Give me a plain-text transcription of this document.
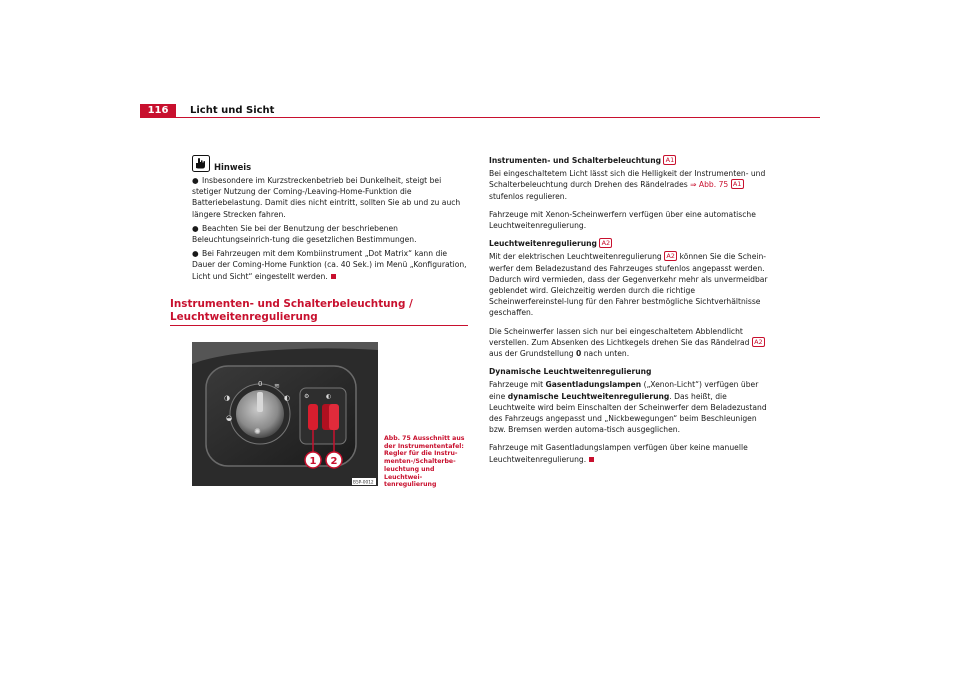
116	Licht und Sicht
Hinweis

● Insbesondere im Kurzstreckenbetrieb bei Dunkelheit, steigt bei stetiger Nutzung der Coming-/Leaving-Home-Funktion die Batteriebelastung. Damit dies nicht eintritt, sollten Sie ab und zu auch längere Strecken fahren.

● Beachten Sie bei der Benutzung der beschriebenen Beleuchtungseinrich-tung die gesetzlichen Bestimmungen.

● Bei Fahrzeugen mit dem Kombiinstrument „Dot Matrix“ kann die Dauer der Coming-Home Funktion (ca. 40 Sek.) im Menü „Konfiguration, Licht und Sicht“ eingestellt werden.

Instrumenten- und Schalterbeleuchtung / Leuchtweitenregulierung
0 ≋
◐
◑
◒
✺
⚙	◐
1 2
B5P-0012
Abb. 75 Ausschnitt aus der Instrumententafel: Regler für die Instru-menten-/Schalterbe-leuchtung und Leuchtwei-tenregulierung

Instrumenten- und Schalterbeleuchtung A1

Bei eingeschaltetem Licht lässt sich die Helligkeit der Instrumenten- und Schalterbeleuchtung durch Drehen des Rändelrades ⇒ Abb. 75 A1 stufenlos regulieren.

Fahrzeuge mit Xenon-Scheinwerfern verfügen über eine automatische Leuchtweitenregulierung.

Leuchtweitenregulierung A2

Mit der elektrischen Leuchtweitenregulierung A2 können Sie die Schein-werfer dem Beladezustand des Fahrzeuges stufenlos angepasst werden. Dadurch wird vermieden, dass der Gegenverkehr mehr als unvermeidbar geblendet wird. Gleichzeitig werden durch die richtige Scheinwerfereinstel-lung für den Fahrer bestmögliche Sichtverhältnisse geschaffen.

Die Scheinwerfer lassen sich nur bei eingeschaltetem Abblendlicht verstellen. Zum Absenken des Lichtkegels drehen Sie das Rändelrad A2 aus der Grundstellung 0 nach unten.

Dynamische Leuchtweitenregulierung

Fahrzeuge mit Gasentladungslampen („Xenon-Licht“) verfügen über eine dynamische Leuchtweitenregulierung. Das heißt, die Leuchtweite wird beim Einschalten der Scheinwerfer dem Beladezustand des Fahrzeugs angepasst und „Nickbewegungen“ beim Beschleunigen bzw. Bremsen werden automa-tisch ausgeglichen.

Fahrzeuge mit Gasentladungslampen verfügen über keine manuelle Leuchtweitenregulierung.
